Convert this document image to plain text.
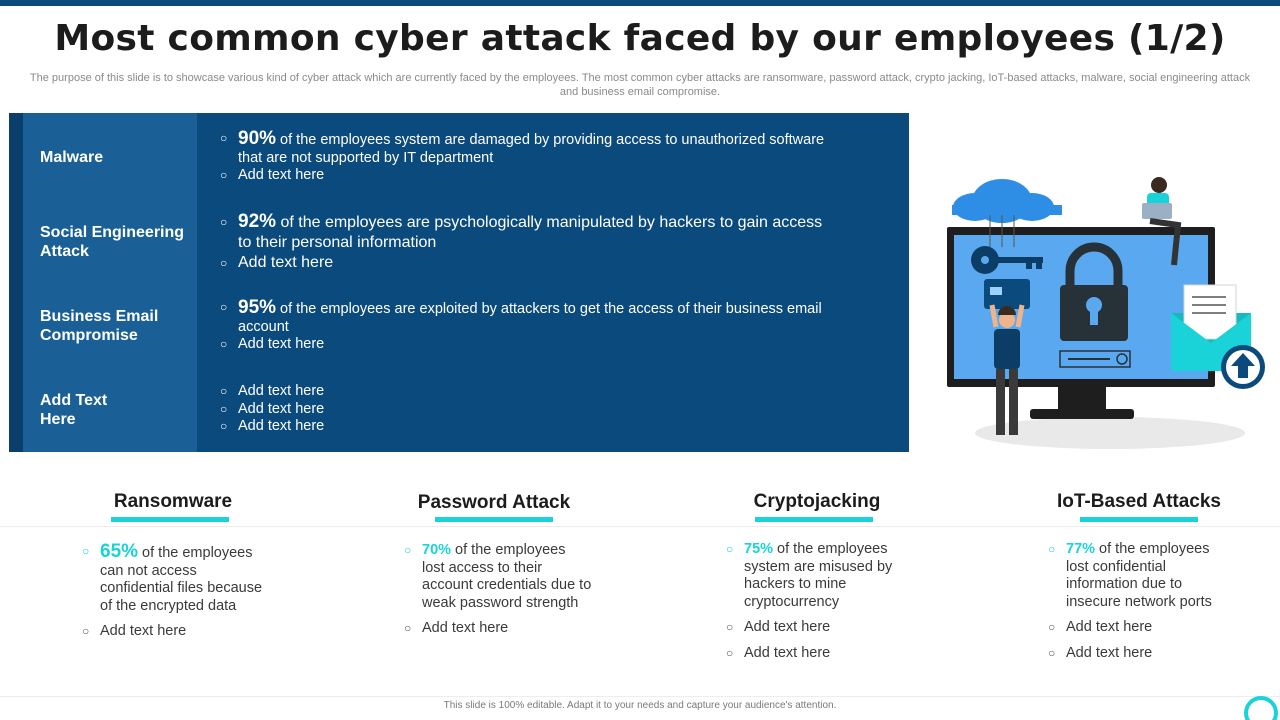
Most common cyber attack faced by our employees (1/2)
The purpose of this slide is to showcase various kind of cyber attack which are currently faced by the employees. The most common cyber attacks are ransomware, password attack, crypto jacking, IoT-based attacks, malware, social engineering attack and business email compromise.
Malware
○ 90% of the employees system are damaged by providing access to unauthorized software that are not supported by IT department
○ Add text here
Social Engineering Attack
○ 92% of the employees are psychologically manipulated by hackers to gain access to their personal information
○ Add text here
Business Email Compromise
○ 95% of the employees are exploited by attackers to get the access of their business email account
○ Add text here
Add Text Here
○ Add text here
○ Add text here
○ Add text here
Ransomware	Password Attack	Cryptojacking	IoT-Based Attacks
○ 65% of the employees can not access confidential files because of the encrypted data
○ Add text here
○ 70% of the employees lost access to their account credentials due to weak password strength
○ Add text here
○ 75% of the employees system are misused by hackers to mine cryptocurrency
○ Add text here
○ Add text here
○ 77% of the employees lost confidential information due to insecure network ports
○ Add text here
○ Add text here
This slide is 100% editable. Adapt it to your needs and capture your audience's attention.
